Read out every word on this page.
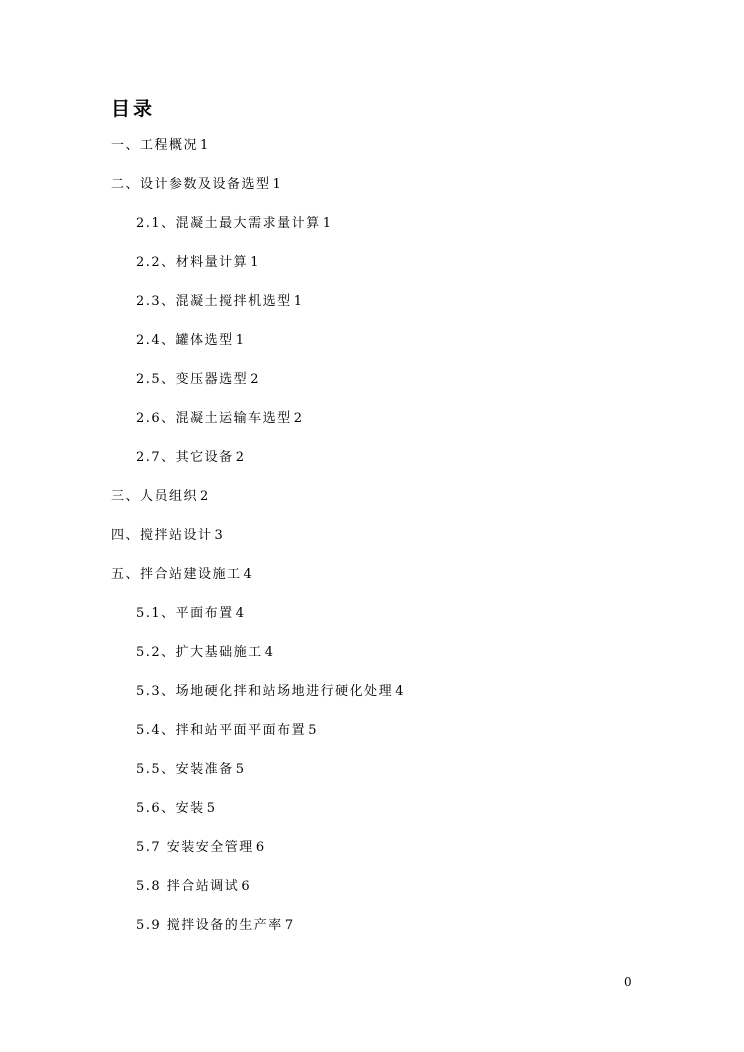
目录
一、工程概况 1
二、设计参数及设备选型 1
2.1、混凝土最大需求量计算 1
2.2、材料量计算 1
2.3、混凝土搅拌机选型 1
2.4、罐体选型 1
2.5、变压器选型 2
2.6、混凝土运输车选型 2
2.7、其它设备 2
三、人员组织 2
四、搅拌站设计 3
五、拌合站建设施工 4
5.1、平面布置 4
5.2、扩大基础施工 4
5.3、场地硬化拌和站场地进行硬化处理 4
5.4、拌和站平面平面布置 5
5.5、安装准备 5
5.6、安装 5
5.7 安装安全管理 6
5.8 拌合站调试 6
5.9 搅拌设备的生产率 7
0
